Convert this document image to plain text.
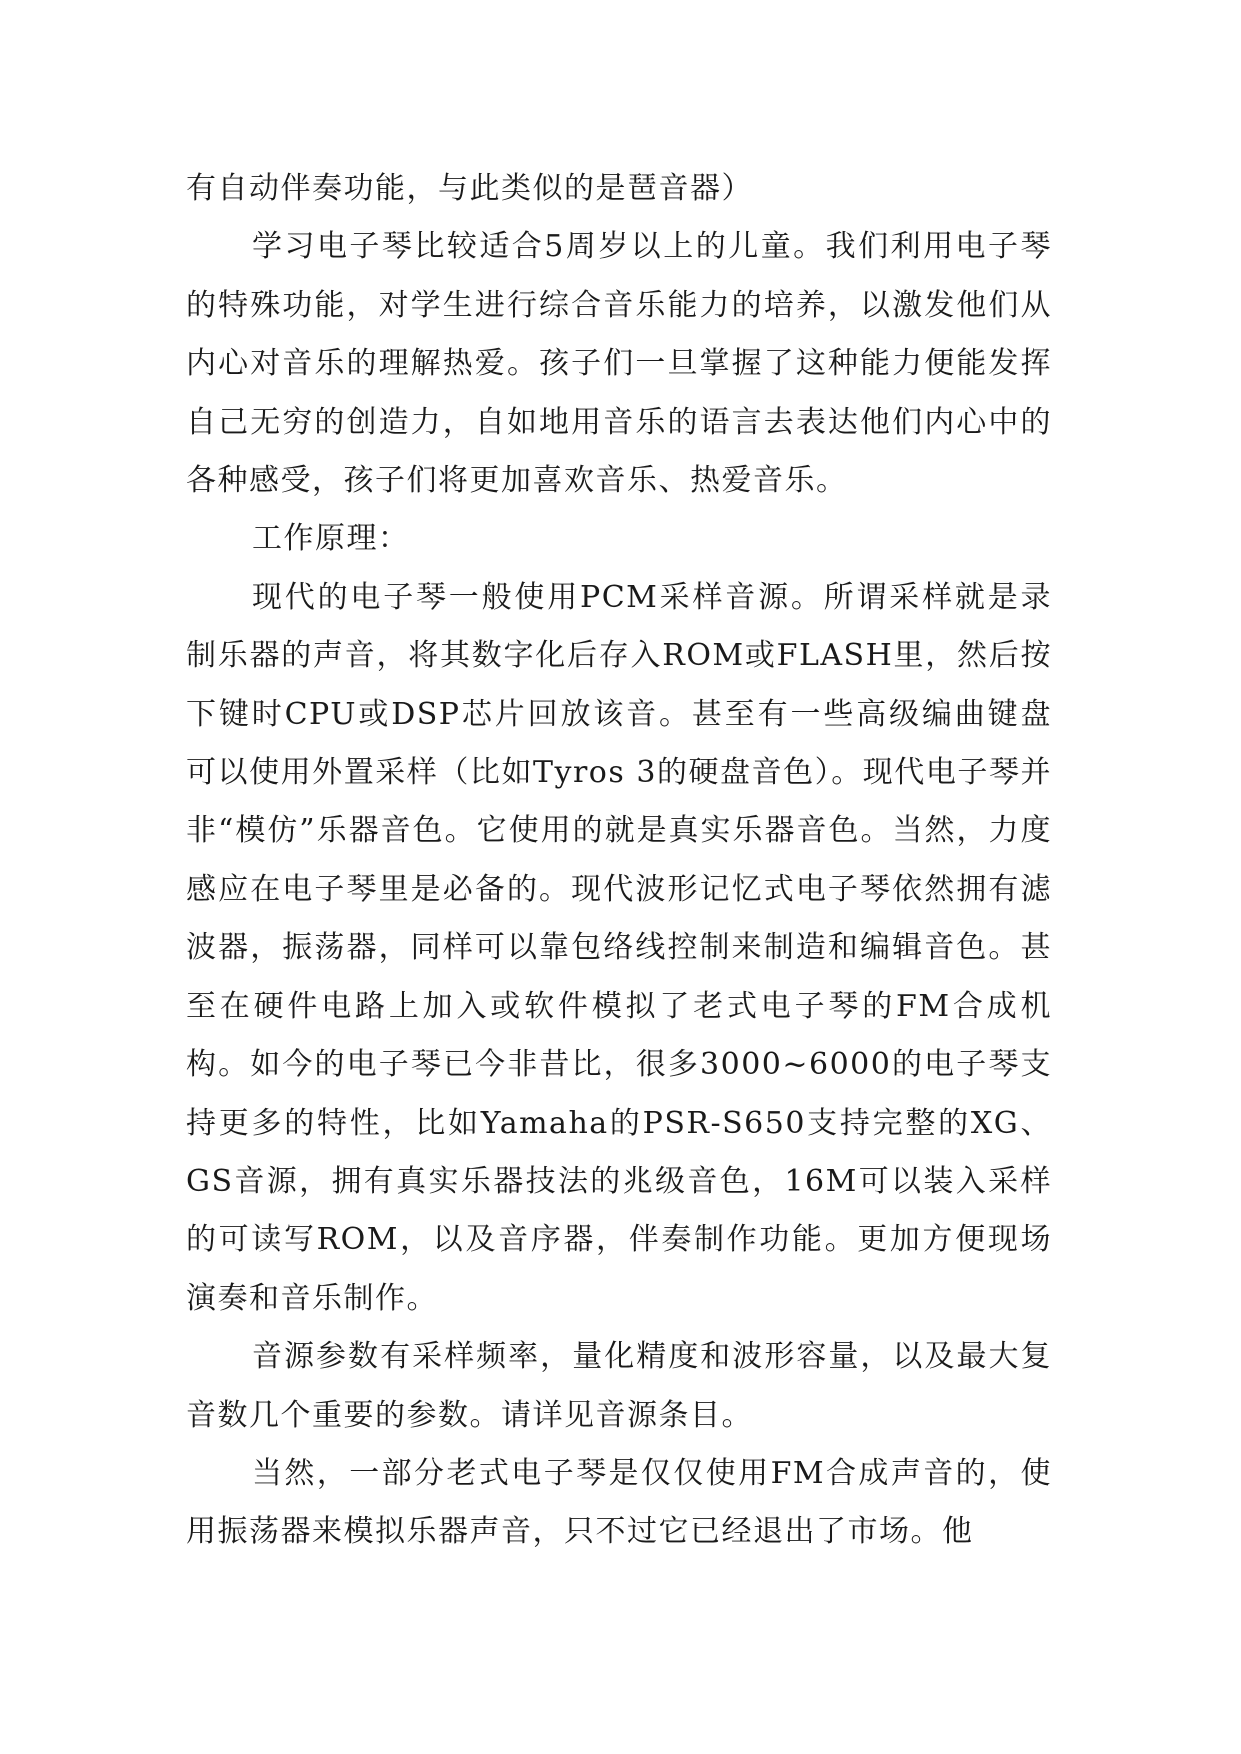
有自动伴奏功能，与此类似的是琶音器）

学习电子琴比较适合5周岁以上的儿童。我们利用电子琴的特殊功能，对学生进行综合音乐能力的培养，以激发他们从内心对音乐的理解热爱。孩子们一旦掌握了这种能力便能发挥自己无穷的创造力，自如地用音乐的语言去表达他们内心中的各种感受，孩子们将更加喜欢音乐、热爱音乐。

工作原理：

现代的电子琴一般使用PCM采样音源。所谓采样就是录制乐器的声音，将其数字化后存入ROM或FLASH里，然后按下键时CPU或DSP芯片回放该音。甚至有一些高级编曲键盘可以使用外置采样（比如Tyros 3的硬盘音色）。现代电子琴并非“模仿”乐器音色。它使用的就是真实乐器音色。当然，力度感应在电子琴里是必备的。现代波形记忆式电子琴依然拥有滤波器，振荡器，同样可以靠包络线控制来制造和编辑音色。甚至在硬件电路上加入或软件模拟了老式电子琴的FM合成机构。如今的电子琴已今非昔比，很多3000~6000的电子琴支持更多的特性，比如Yamaha的PSR-S650支持完整的XG、GS音源，拥有真实乐器技法的兆级音色，16M可以装入采样的可读写ROM，以及音序器，伴奏制作功能。更加方便现场演奏和音乐制作。

音源参数有采样频率，量化精度和波形容量，以及最大复音数几个重要的参数。请详见音源条目。

当然，一部分老式电子琴是仅仅使用FM合成声音的，使用振荡器来模拟乐器声音，只不过它已经退出了市场。他
